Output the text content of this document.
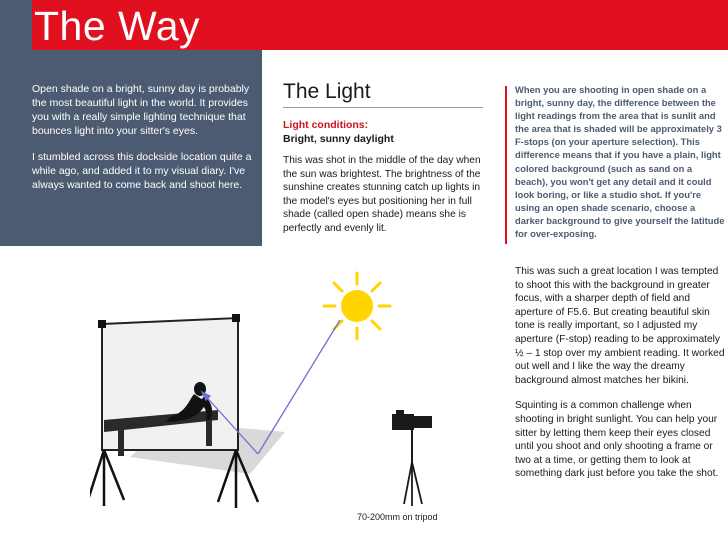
The Way

Open shade on a bright, sunny day is probably the most beautiful light in the world. It provides you with a really simple lighting technique that bounces light into your sitter's eyes.

I stumbled across this dockside location quite a while ago, and added it to my visual diary. I've always wanted to come back and shoot here.

The Light
Light conditions:
Bright, sunny daylight
This was shot in the middle of the day when the sun was brightest. The brightness of the sunshine creates stunning catch up lights in the model's eyes but positioning her in full shade (called open shade) means she is perfectly and evenly lit.
When you are shooting in open shade on a bright, sunny day, the difference between the light readings from the area that is sunlit and the area that is shaded will be approximately 3 F-stops (on your aperture selection). This difference means that if you have a plain, light colored background (such as sand on a beach), you won't get any detail and it could look boring, or like a studio shot. If you're using an open shade scenario, choose a darker background to give yourself the latitude for over-exposing.

This was such a great location I was tempted to shoot this with the background in greater focus, with a sharper depth of field and aperture of F5.6. But creating beautiful skin tone is really important, so I adjusted my aperture (F-stop) reading to be approximately ½ – 1 stop over my ambient reading. It worked out well and I like the way the dreamy background almost matches her bikini.

Squinting is a common challenge when shooting in bright sunlight. You can help your sitter by letting them keep their eyes closed until you shoot and only shooting a frame or two at a time, or getting them to look at something dark just before you take the shot.

70-200mm on tripod
